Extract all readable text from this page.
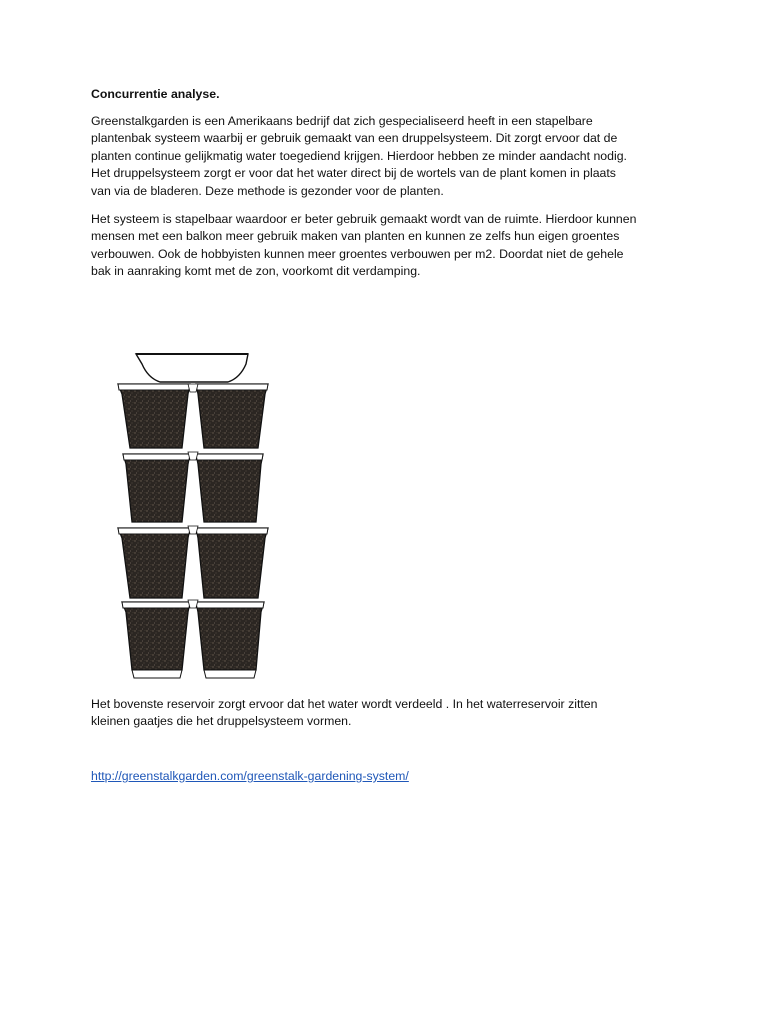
Concurrentie analyse.
Greenstalkgarden is een Amerikaans bedrijf dat zich gespecialiseerd heeft in een stapelbare
plantenbak systeem waarbij er gebruik gemaakt van een druppelsysteem. Dit zorgt ervoor dat de
planten continue gelijkmatig water toegediend krijgen. Hierdoor hebben ze minder aandacht nodig.
Het druppelsysteem zorgt er voor dat het water direct bij de wortels van de plant komen in plaats
van via de bladeren. Deze methode is gezonder voor de planten.
Het systeem is stapelbaar waardoor er beter gebruik gemaakt wordt van de ruimte. Hierdoor kunnen
mensen met een balkon meer gebruik maken van planten en kunnen ze zelfs hun eigen groentes
verbouwen. Ook de hobbyisten kunnen meer groentes verbouwen per m2. Doordat niet de gehele
bak in aanraking komt met de zon, voorkomt dit verdamping.
Het bovenste reservoir zorgt ervoor dat het water wordt verdeeld . In het waterreservoir zitten
kleinen gaatjes die het druppelsysteem vormen.
http://greenstalkgarden.com/greenstalk-gardening-system/
